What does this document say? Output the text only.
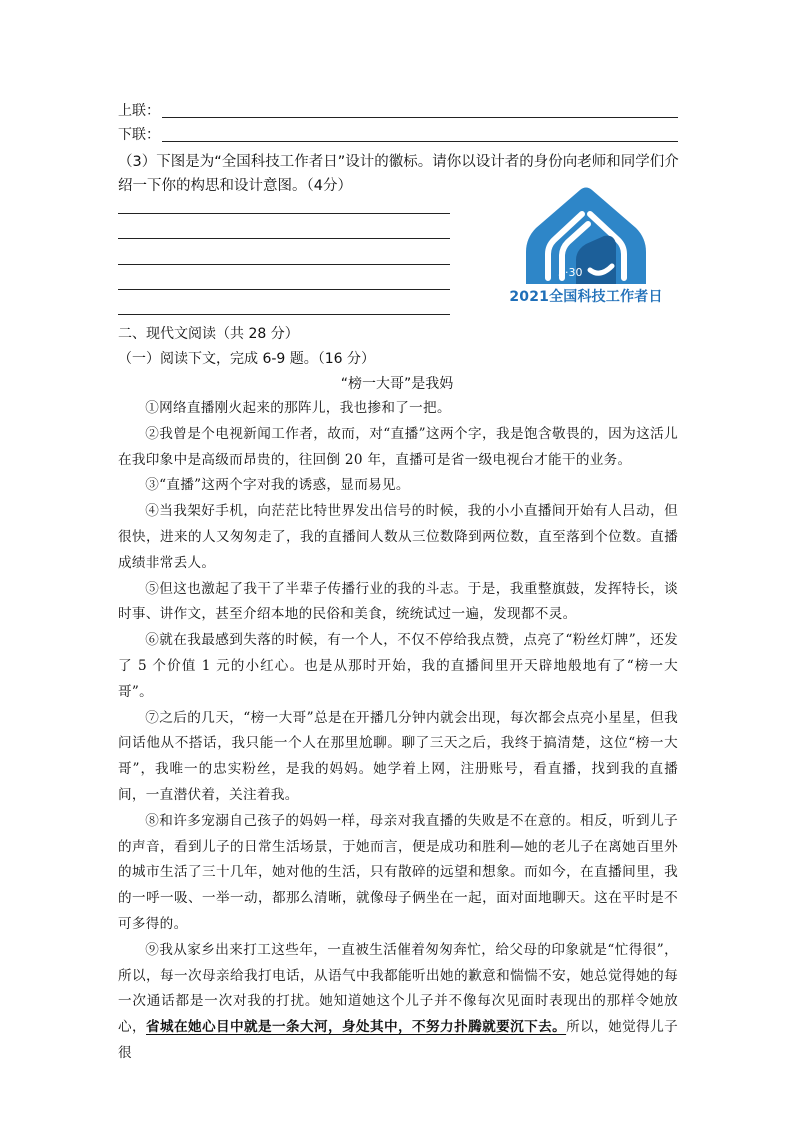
上联：
下联：
（3）下图是为“全国科技工作者日”设计的徽标。请你以设计者的身份向老师和同学们介绍一下你的构思和设计意图。（4分）
5·30
2021全国科技工作者日
二、现代文阅读（共 28 分）
（一）阅读下文，完成 6-9 题。（16 分）
“榜一大哥”是我妈

①网络直播刚火起来的那阵儿，我也掺和了一把。

②我曾是个电视新闻工作者，故而，对“直播”这两个字，我是饱含敬畏的，因为这活儿在我印象中是高级而昂贵的，往回倒 20 年，直播可是省一级电视台才能干的业务。

③“直播”这两个字对我的诱惑，显而易见。

④当我架好手机，向茫茫比特世界发出信号的时候，我的小小直播间开始有人吕动，但很快，进来的人又匆匆走了，我的直播间人数从三位数降到两位数，直至落到个位数。直播成绩非常丢人。

⑤但这也激起了我干了半辈子传播行业的我的斗志。于是，我重整旗鼓，发挥特长，谈时事、讲作文，甚至介绍本地的民俗和美食，统统试过一遍，发现都不灵。

⑥就在我最感到失落的时候，有一个人，不仅不停给我点赞，点亮了“粉丝灯牌”，还发了 5 个价值 1 元的小红心。也是从那时开始，我的直播间里开天辟地般地有了“榜一大哥”。

⑦之后的几天，“榜一大哥”总是在开播几分钟内就会出现，每次都会点亮小星星，但我问话他从不搭话，我只能一个人在那里尬聊。聊了三天之后，我终于搞清楚，这位“榜一大哥”，我唯一的忠实粉丝，是我的妈妈。她学着上网，注册账号，看直播，找到我的直播间，一直潜伏着，关注着我。

⑧和许多宠溺自己孩子的妈妈一样，母亲对我直播的失败是不在意的。相反，听到儿子的声音，看到儿子的日常生活场景，于她而言，便是成功和胜利—她的老儿子在离她百里外的城市生活了三十几年，她对他的生活，只有散碎的远望和想象。而如今，在直播间里，我的一呼一吸、一举一动，都那么清晰，就像母子俩坐在一起，面对面地聊天。这在平时是不可多得的。

⑨我从家乡出来打工这些年，一直被生活催着匆匆奔忙，给父母的印象就是“忙得很”，所以，每一次母亲给我打电话，从语气中我都能听出她的歉意和惴惴不安，她总觉得她的每一次通话都是一次对我的打扰。她知道她这个儿子并不像每次见面时表现出的那样令她放心，省城在她心目中就是一条大河，身处其中，不努力扑腾就要沉下去。所以，她觉得儿子很
